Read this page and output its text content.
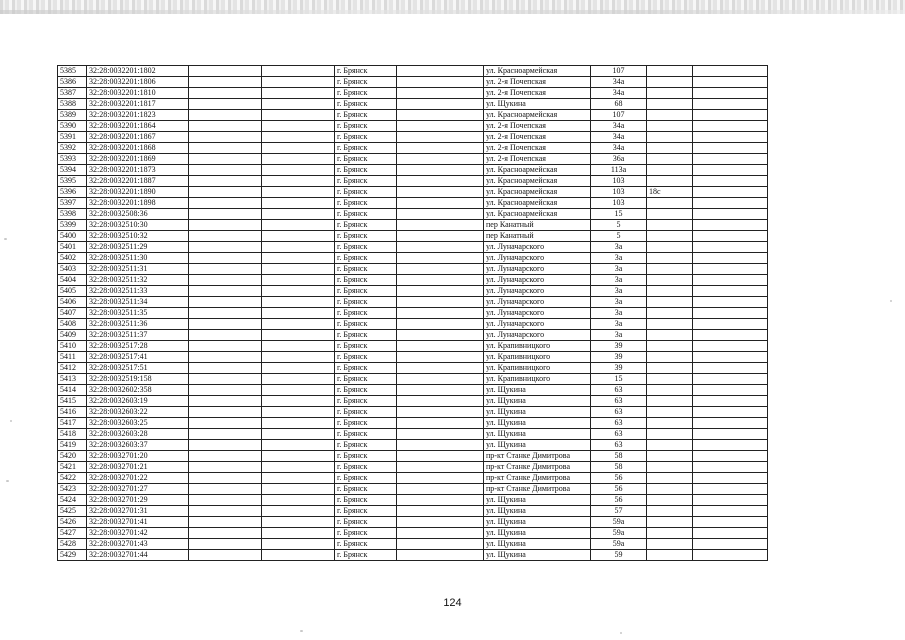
5385	32:28:0032201:1802			г. Брянск		ул. Красноармейская	107		
5386	32:28:0032201:1806			г. Брянск		ул. 2-я Почепская	34а		
5387	32:28:0032201:1810			г. Брянск		ул. 2-я Почепская	34а		
5388	32:28:0032201:1817			г. Брянск		ул. Щукина	68		
5389	32:28:0032201:1823			г. Брянск		ул. Красноармейская	107		
5390	32:28:0032201:1864			г. Брянск		ул. 2-я Почепская	34а		
5391	32:28:0032201:1867			г. Брянск		ул. 2-я Почепская	34а		
5392	32:28:0032201:1868			г. Брянск		ул. 2-я Почепская	34а		
5393	32:28:0032201:1869			г. Брянск		ул. 2-я Почепская	36а		
5394	32:28:0032201:1873			г. Брянск		ул. Красноармейская	113а		
5395	32:28:0032201:1887			г. Брянск		ул. Красноармейская	103		
5396	32:28:0032201:1890			г. Брянск		ул. Красноармейская	103	18с	
5397	32:28:0032201:1898			г. Брянск		ул. Красноармейская	103		
5398	32:28:0032508:36			г. Брянск		ул. Красноармейская	15		
5399	32:28:0032510:30			г. Брянск		пер Канатный	5		
5400	32:28:0032510:32			г. Брянск		пер Канатный	5		
5401	32:28:0032511:29			г. Брянск		ул. Луначарского	3а		
5402	32:28:0032511:30			г. Брянск		ул. Луначарского	3а		
5403	32:28:0032511:31			г. Брянск		ул. Луначарского	3а		
5404	32:28:0032511:32			г. Брянск		ул. Луначарского	3а		
5405	32:28:0032511:33			г. Брянск		ул. Луначарского	3а		
5406	32:28:0032511:34			г. Брянск		ул. Луначарского	3а		
5407	32:28:0032511:35			г. Брянск		ул. Луначарского	3а		
5408	32:28:0032511:36			г. Брянск		ул. Луначарского	3а		
5409	32:28:0032511:37			г. Брянск		ул. Луначарского	3а		
5410	32:28:0032517:28			г. Брянск		ул. Крапивницкого	39		
5411	32:28:0032517:41			г. Брянск		ул. Крапивницкого	39		
5412	32:28:0032517:51			г. Брянск		ул. Крапивницкого	39		
5413	32:28:0032519:158			г. Брянск		ул. Крапивницкого	15		
5414	32:28:0032602:358			г. Брянск		ул. Щукина	63		
5415	32:28:0032603:19			г. Брянск		ул. Щукина	63		
5416	32:28:0032603:22			г. Брянск		ул. Щукина	63		
5417	32:28:0032603:25			г. Брянск		ул. Щукина	63		
5418	32:28:0032603:28			г. Брянск		ул. Щукина	63		
5419	32:28:0032603:37			г. Брянск		ул. Щукина	63		
5420	32:28:0032701:20			г. Брянск		пр-кт Станке Димитрова	58		
5421	32:28:0032701:21			г. Брянск		пр-кт Станке Димитрова	58		
5422	32:28:0032701:22			г. Брянск		пр-кт Станке Димитрова	56		
5423	32:28:0032701:27			г. Брянск		пр-кт Станке Димитрова	56		
5424	32:28:0032701:29			г. Брянск		ул. Щукина	56		
5425	32:28:0032701:31			г. Брянск		ул. Щукина	57		
5426	32:28:0032701:41			г. Брянск		ул. Щукина	59а		
5427	32:28:0032701:42			г. Брянск		ул. Щукина	59а		
5428	32:28:0032701:43			г. Брянск		ул. Щукина	59а		
5429	32:28:0032701:44			г. Брянск		ул. Щукина	59		
124
